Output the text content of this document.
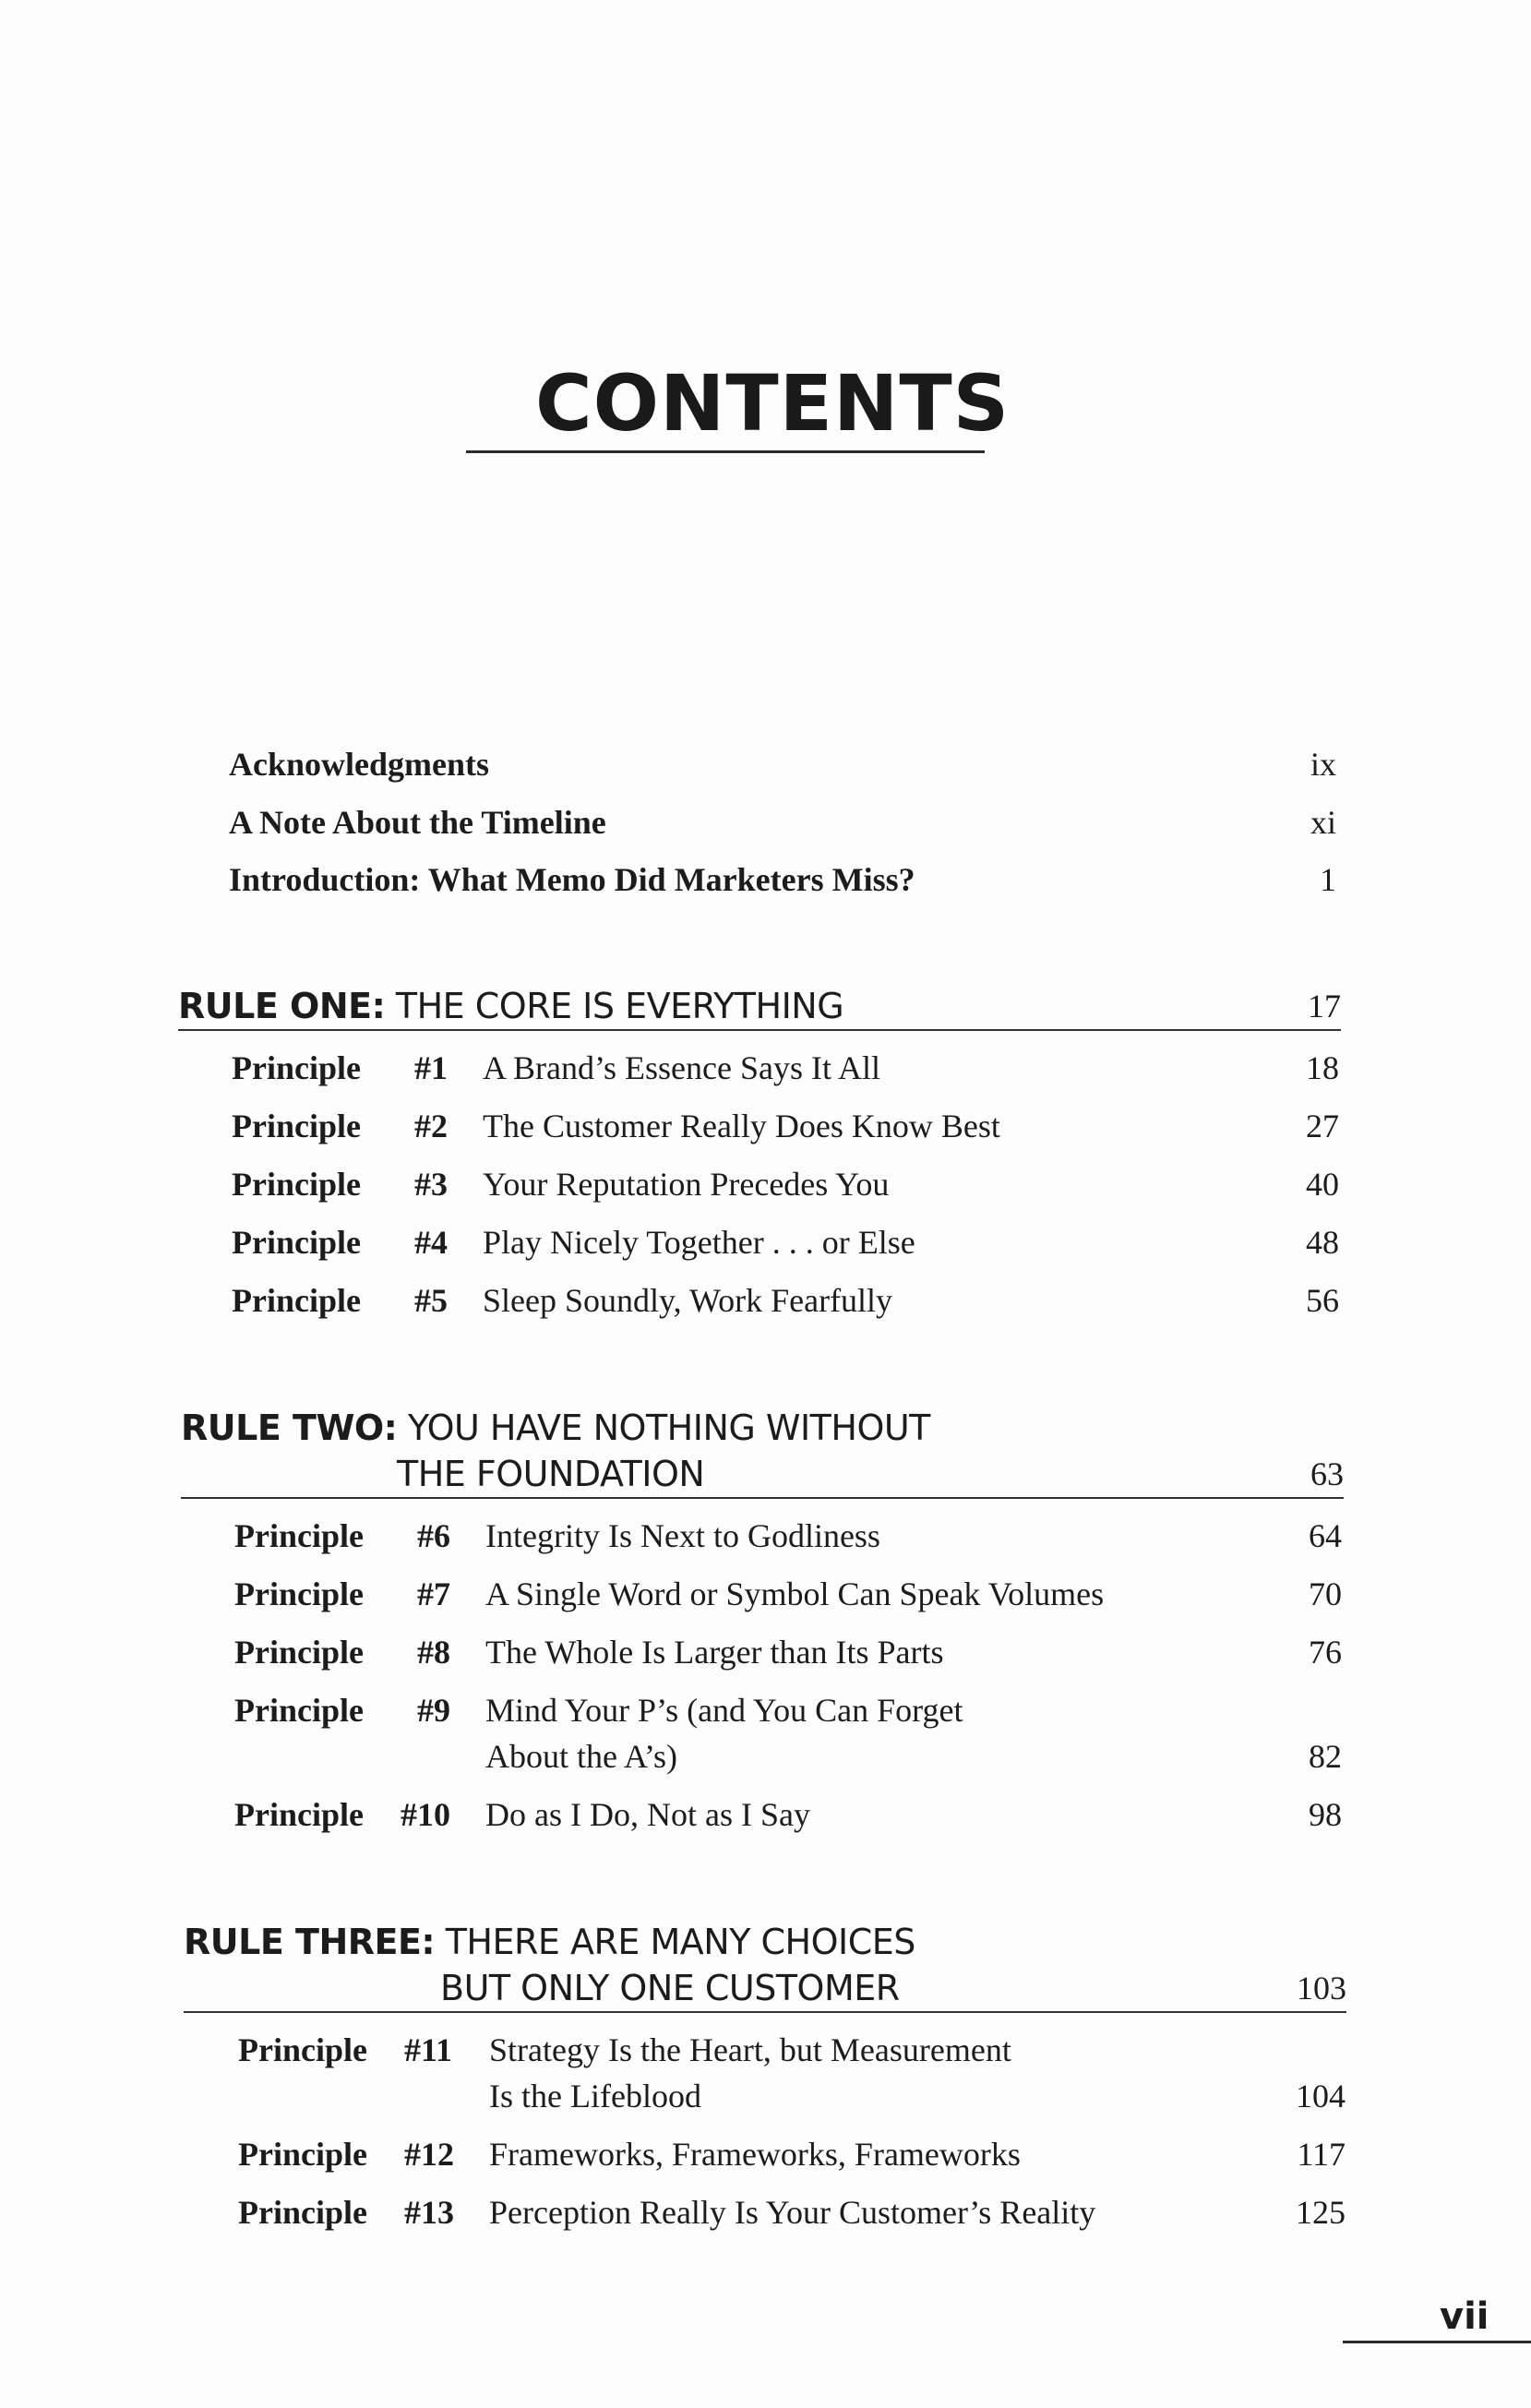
CONTENTS
Acknowledgments	ix
A Note About the Timeline	xi
Introduction: What Memo Did Marketers Miss?	1
RULE ONE: THE CORE IS EVERYTHING	17
Principle #1 A Brand’s Essence Says It All	18
Principle #2 The Customer Really Does Know Best	27
Principle #3 Your Reputation Precedes You	40
Principle #4 Play Nicely Together . . . or Else	48
Principle #5 Sleep Soundly, Work Fearfully	56
RULE TWO: YOU HAVE NOTHING WITHOUT
THE FOUNDATION	63
Principle #6 Integrity Is Next to Godliness	64
Principle #7 A Single Word or Symbol Can Speak Volumes	70
Principle #8 The Whole Is Larger than Its Parts	76
Principle #9 Mind Your P’s (and You Can Forget
About the A’s)	82
Principle #10 Do as I Do, Not as I Say	98
RULE THREE: THERE ARE MANY CHOICES
BUT ONLY ONE CUSTOMER	103
Principle #11 Strategy Is the Heart, but Measurement
Is the Lifeblood	104
Principle #12 Frameworks, Frameworks, Frameworks	117
Principle #13 Perception Really Is Your Customer’s Reality	125
vii
